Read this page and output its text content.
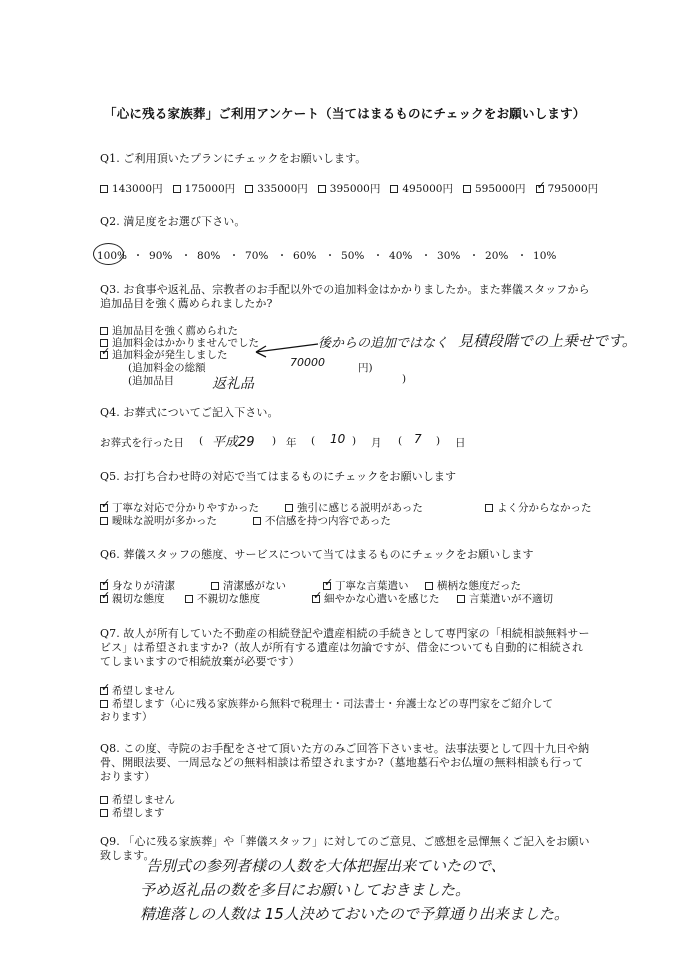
「心に残る家族葬」ご利用アンケート（当てはまるものにチェックをお願いします）
Q1. ご利用頂いたプランにチェックをお願いします。
143000円	175000円	335000円	395000円	495000円	595000円 ✓	795000円
Q2. 満足度をお選び下さい。
100% ・ 90% ・ 80% ・ 70% ・ 60% ・ 50% ・ 40% ・ 30% ・ 20% ・ 10%
Q3. お食事や返礼品、宗教者のお手配以外での追加料金はかかりましたか。また葬儀スタッフから
追加品目を強く薦められましたか?
追加品目を強く薦められた
追加料金はかかりませんでした
✓追加料金が発生しました
後からの追加ではなく 見積段階での上乗せです。
(追加料金の総額	70000	円)
(追加品目	返礼品	)
Q4. お葬式についてご記入下さい。
お葬式を行った日 ( 平成29 ) 年 ( 10 ) 月 ( 7 ) 日
Q5. お打ち合わせ時の対応で当てはまるものにチェックをお願いします
✓丁寧な対応で分かりやすかった	強引に感じる説明があった	よく分からなかった
曖昧な説明が多かった	不信感を持つ内容であった
Q6. 葬儀スタッフの態度、サービスについて当てはまるものにチェックをお願いします
✓身なりが清潔	清潔感がない ✓	丁寧な言葉遣い	横柄な態度だった
✓親切な態度	不親切な態度 ✓	細やかな心遣いを感じた	言葉遣いが不適切
Q7. 故人が所有していた不動産の相続登記や遺産相続の手続きとして専門家の「相続相談無料サー
ビス」は希望されますか?（故人が所有する遺産は勿論ですが、借金についても自動的に相続され
てしまいますので相続放棄が必要です）
✓希望しません
希望します（心に残る家族葬から無料で税理士・司法書士・弁護士などの専門家をご紹介して
おります）
Q8. この度、寺院のお手配をさせて頂いた方のみご回答下さいませ。法事法要として四十九日や納
骨、開眼法要、一周忌などの無料相談は希望されますか?（墓地墓石やお仏壇の無料相談も行って
おります）
希望しません
希望します
Q9. 「心に残る家族葬」や「葬儀スタッフ」に対してのご意見、ご感想を忌憚無くご記入をお願い
致します。
告別式の参列者様の人数を大体把握出来ていたので、
予め返礼品の数を多目にお願いしておきました。
精進落しの人数は 15人決めておいたので予算通り出来ました。
